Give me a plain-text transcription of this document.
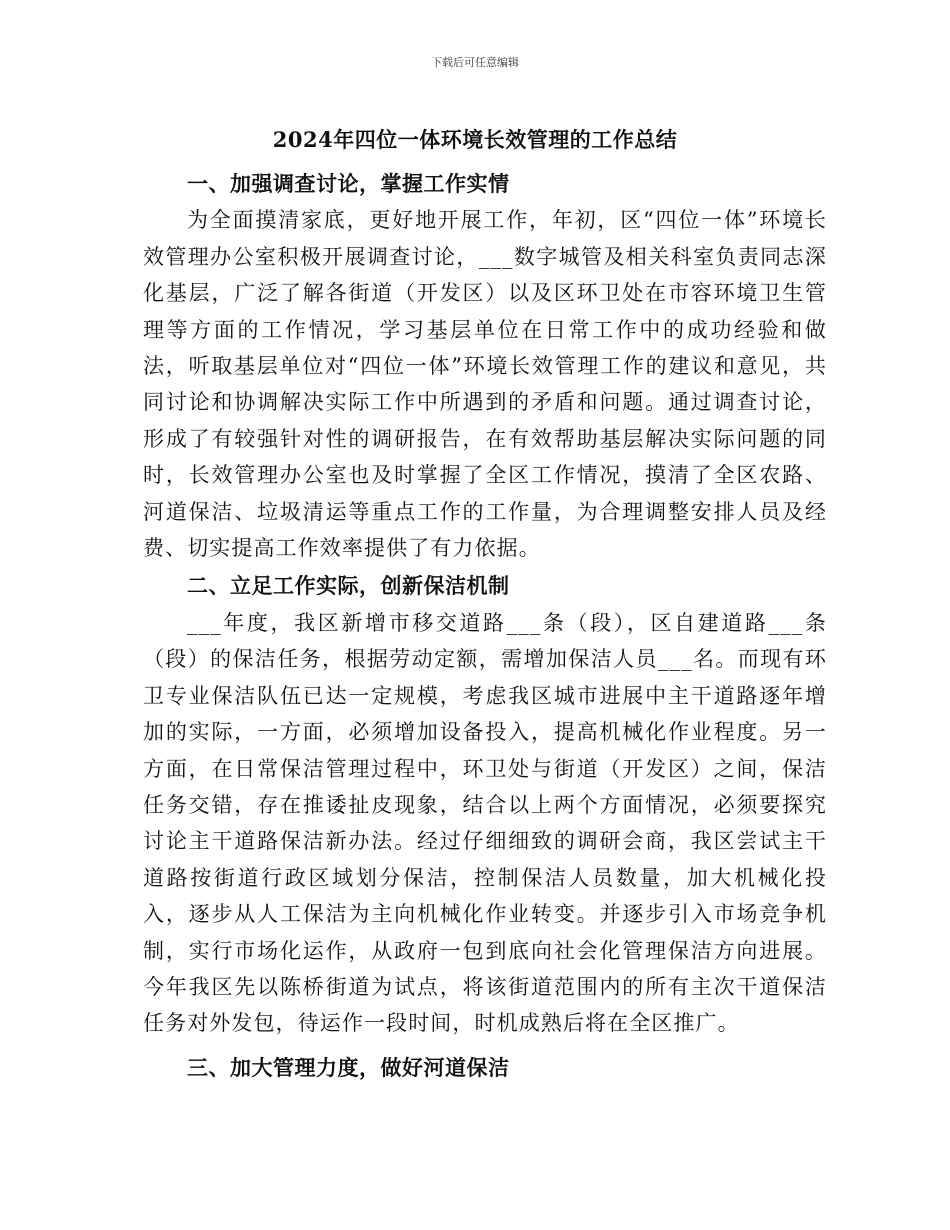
下载后可任意编辑
2024年四位一体环境长效管理的工作总结

一、加强调查讨论，掌握工作实情

为全面摸清家底，更好地开展工作，年初，区“四位一体”环境长效管理办公室积极开展调查讨论，___数字城管及相关科室负责同志深化基层，广泛了解各街道（开发区）以及区环卫处在市容环境卫生管理等方面的工作情况，学习基层单位在日常工作中的成功经验和做法，听取基层单位对“四位一体”环境长效管理工作的建议和意见，共同讨论和协调解决实际工作中所遇到的矛盾和问题。通过调查讨论，形成了有较强针对性的调研报告，在有效帮助基层解决实际问题的同时，长效管理办公室也及时掌握了全区工作情况，摸清了全区农路、河道保洁、垃圾清运等重点工作的工作量，为合理调整安排人员及经费、切实提高工作效率提供了有力依据。

二、立足工作实际，创新保洁机制

___年度，我区新增市移交道路___条（段），区自建道路___条（段）的保洁任务，根据劳动定额，需增加保洁人员___名。而现有环卫专业保洁队伍已达一定规模，考虑我区城市进展中主干道路逐年增加的实际，一方面，必须增加设备投入，提高机械化作业程度。另一方面，在日常保洁管理过程中，环卫处与街道（开发区）之间，保洁任务交错，存在推诿扯皮现象，结合以上两个方面情况，必须要探究讨论主干道路保洁新办法。经过仔细细致的调研会商，我区尝试主干道路按街道行政区域划分保洁，控制保洁人员数量，加大机械化投入，逐步从人工保洁为主向机械化作业转变。并逐步引入市场竞争机制，实行市场化运作，从政府一包到底向社会化管理保洁方向进展。今年我区先以陈桥街道为试点，将该街道范围内的所有主次干道保洁任务对外发包，待运作一段时间，时机成熟后将在全区推广。

三、加大管理力度，做好河道保洁
